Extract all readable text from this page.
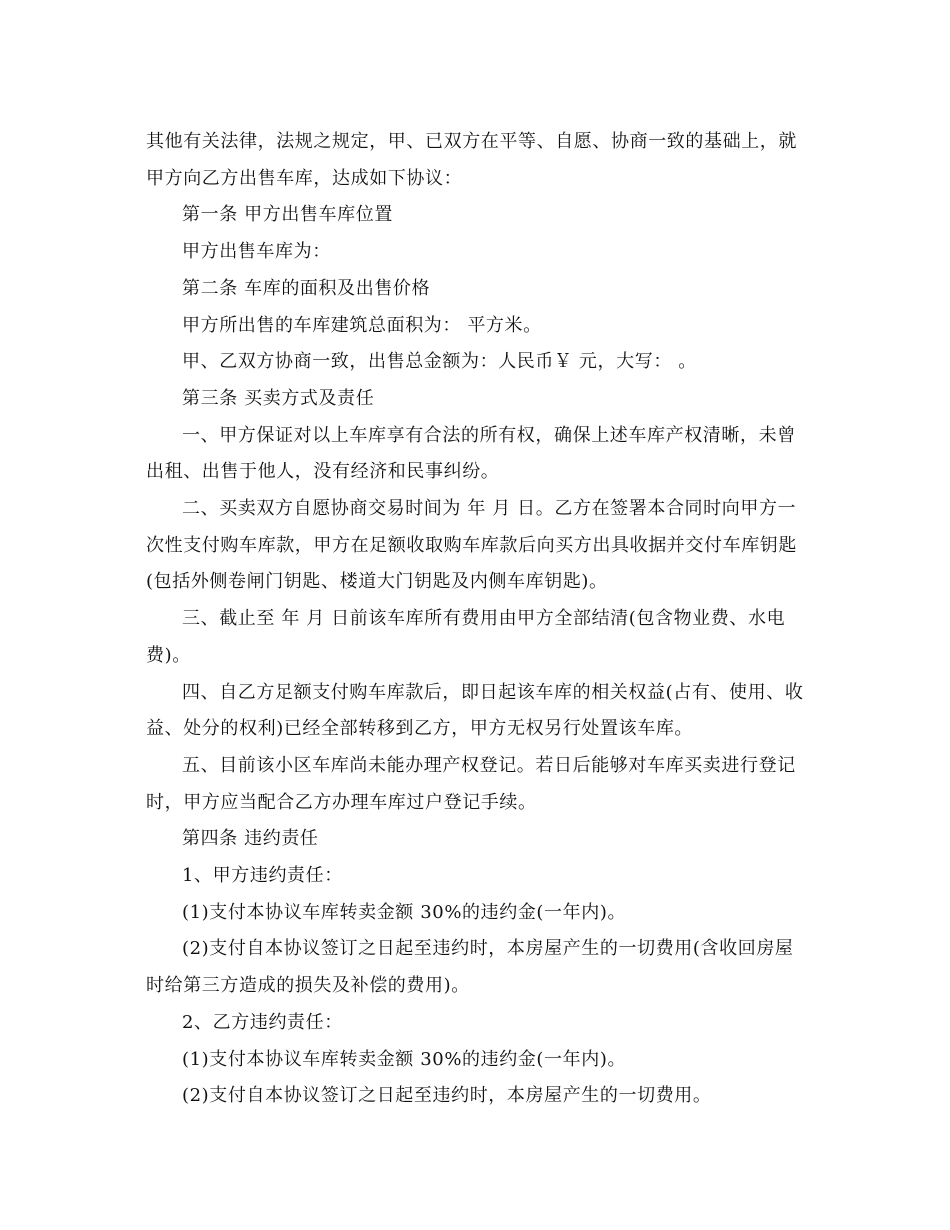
其他有关法律，法规之规定，甲、已双方在平等、自愿、协商一致的基础上，就甲方向乙方出售车库，达成如下协议：

第一条 甲方出售车库位置

甲方出售车库为：

第二条 车库的面积及出售价格

甲方所出售的车库建筑总面积为： 平方米。

甲、乙双方协商一致，出售总金额为：人民币￥ 元，大写： 。

第三条 买卖方式及责任

一、甲方保证对以上车库享有合法的所有权，确保上述车库产权清晰，未曾出租、出售于他人，没有经济和民事纠纷。

二、买卖双方自愿协商交易时间为 年 月 日。乙方在签署本合同时向甲方一次性支付购车库款，甲方在足额收取购车库款后向买方出具收据并交付车库钥匙(包括外侧卷闸门钥匙、楼道大门钥匙及内侧车库钥匙)。

三、截止至 年 月 日前该车库所有费用由甲方全部结清(包含物业费、水电费)。

四、自乙方足额支付购车库款后，即日起该车库的相关权益(占有、使用、收益、处分的权利)已经全部转移到乙方，甲方无权另行处置该车库。

五、目前该小区车库尚未能办理产权登记。若日后能够对车库买卖进行登记时，甲方应当配合乙方办理车库过户登记手续。

第四条 违约责任

1、甲方违约责任：

(1)支付本协议车库转卖金额 30%的违约金(一年内)。

(2)支付自本协议签订之日起至违约时，本房屋产生的一切费用(含收回房屋时给第三方造成的损失及补偿的费用)。

2、乙方违约责任：

(1)支付本协议车库转卖金额 30%的违约金(一年内)。

(2)支付自本协议签订之日起至违约时，本房屋产生的一切费用。
